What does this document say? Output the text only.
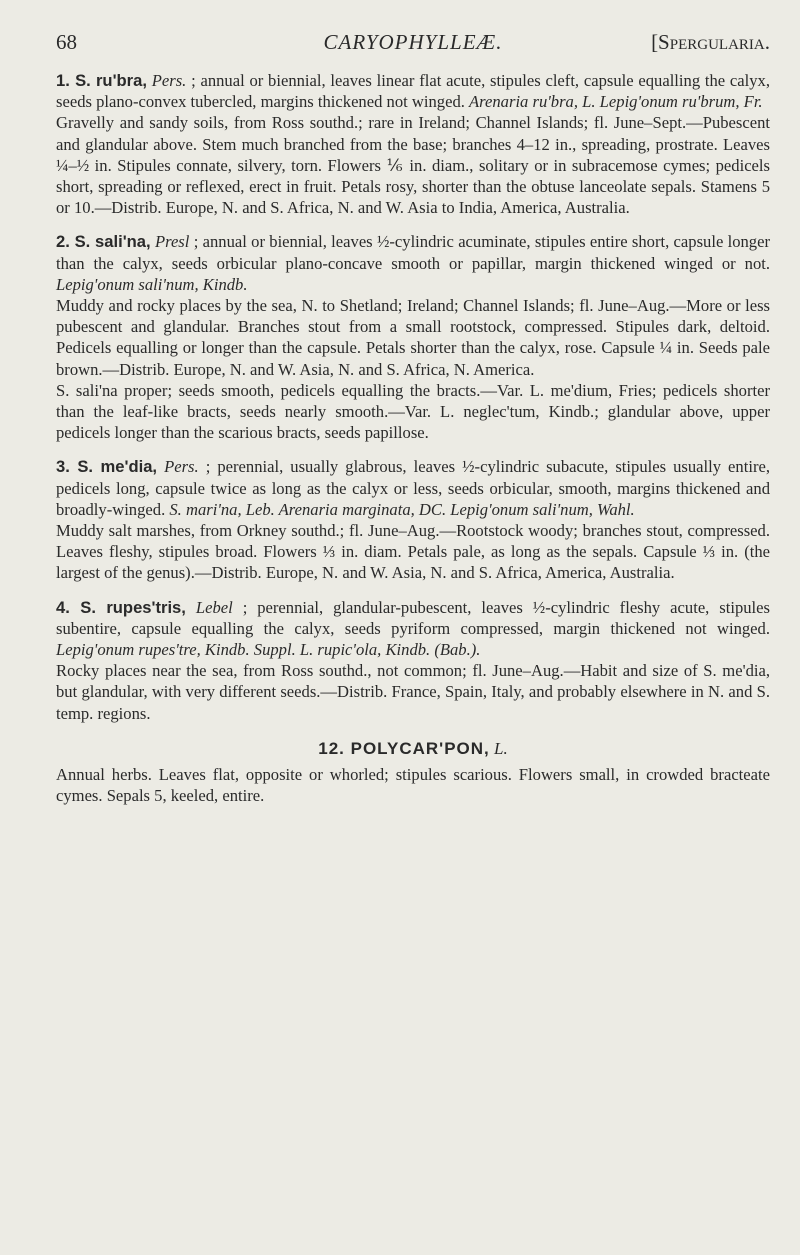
68	CARYOPHYLLEÆ.	[Spergularia.

1. S. ru'bra, Pers. ; annual or biennial, leaves linear flat acute, stipules cleft, capsule equalling the calyx, seeds plano-convex tubercled, margins thickened not winged. Arenaria ru'bra, L. Lepig'onum ru'brum, Fr.

Gravelly and sandy soils, from Ross southd.; rare in Ireland; Channel Islands; fl. June–Sept.—Pubescent and glandular above. Stem much branched from the base; branches 4–12 in., spreading, prostrate. Leaves ¼–½ in. Stipules connate, silvery, torn. Flowers ⅙ in. diam., solitary or in subracemose cymes; pedicels short, spreading or reflexed, erect in fruit. Petals rosy, shorter than the obtuse lanceolate sepals. Stamens 5 or 10.—Distrib. Europe, N. and S. Africa, N. and W. Asia to India, America, Australia.

2. S. sali'na, Presl ; annual or biennial, leaves ½-cylindric acuminate, stipules entire short, capsule longer than the calyx, seeds orbicular plano-concave smooth or papillar, margin thickened winged or not. Lepig'onum sali'num, Kindb.

Muddy and rocky places by the sea, N. to Shetland; Ireland; Channel Islands; fl. June–Aug.—More or less pubescent and glandular. Branches stout from a small rootstock, compressed. Stipules dark, deltoid. Pedicels equalling or longer than the capsule. Petals shorter than the calyx, rose. Capsule ¼ in. Seeds pale brown.—Distrib. Europe, N. and W. Asia, N. and S. Africa, N. America.

S. sali'na proper; seeds smooth, pedicels equalling the bracts.—Var. L. me'dium, Fries; pedicels shorter than the leaf-like bracts, seeds nearly smooth.—Var. L. neglec'tum, Kindb.; glandular above, upper pedicels longer than the scarious bracts, seeds papillose.

3. S. me'dia, Pers. ; perennial, usually glabrous, leaves ½-cylindric subacute, stipules usually entire, pedicels long, capsule twice as long as the calyx or less, seeds orbicular, smooth, margins thickened and broadly-winged. S. mari'na, Leb. Arenaria marginata, DC. Lepig'onum sali'num, Wahl.

Muddy salt marshes, from Orkney southd.; fl. June–Aug.—Rootstock woody; branches stout, compressed. Leaves fleshy, stipules broad. Flowers ⅓ in. diam. Petals pale, as long as the sepals. Capsule ⅓ in. (the largest of the genus).—Distrib. Europe, N. and W. Asia, N. and S. Africa, America, Australia.

4. S. rupes'tris, Lebel ; perennial, glandular-pubescent, leaves ½-cylindric fleshy acute, stipules subentire, capsule equalling the calyx, seeds pyriform compressed, margin thickened not winged. Lepig'onum rupes'tre, Kindb. Suppl. L. rupic'ola, Kindb. (Bab.).

Rocky places near the sea, from Ross southd., not common; fl. June–Aug.—Habit and size of S. me'dia, but glandular, with very different seeds.—Distrib. France, Spain, Italy, and probably elsewhere in N. and S. temp. regions.

12. POLYCAR'PON, L.

Annual herbs. Leaves flat, opposite or whorled; stipules scarious. Flowers small, in crowded bracteate cymes. Sepals 5, keeled, entire.
